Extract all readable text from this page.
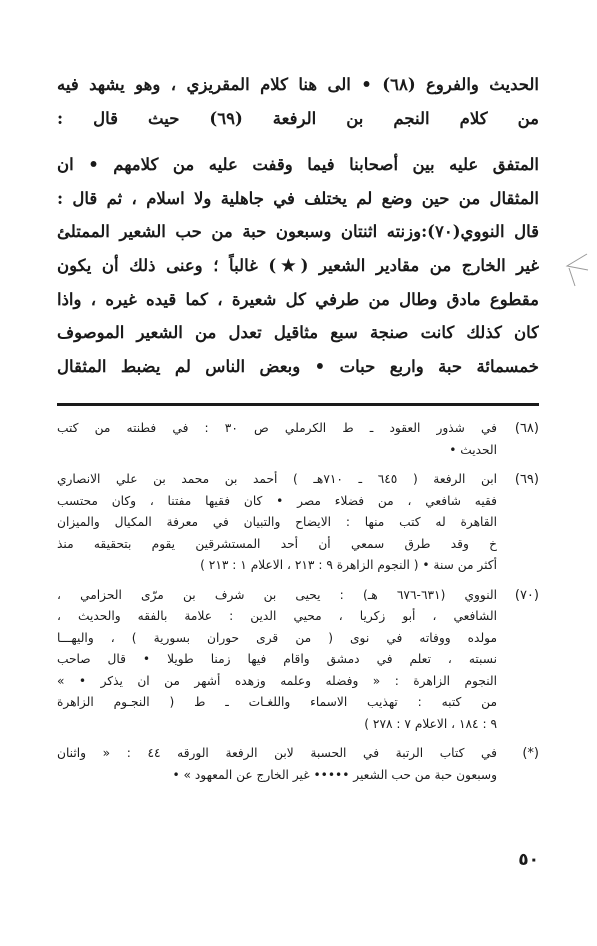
الحديث والفروع (٦٨) • الى هنا كلام المقريزي ، وهو يشهد فيه
من كلام النجم بن الرفعة (٦٩) حيث قال :
المتفق عليه بين أصحابنا فيما وقفت عليه من كلامهم • ان
المثقال من حين وضع لم يختلف في جاهلية ولا اسلام ، ثم قال :
قال النووي(٧٠):وزنته اثنتان وسبعون حبة من حب الشعير الممتلئ
غير الخارج من مقادير الشعير (★) غالباً ؛ وعنى ذلك أن يكون
مقطوع مادق وطال من طرفي كل شعيرة ، كما قيده غيره ، واذا
كان كذلك كانت صنجة سبع مثاقيل تعدل من الشعير الموصوف
خمسمائة حبة واربع حبات • وبعض الناس لم يضبط المثقال
(٦٨)
في شذور العقود ـ ط الكرملي ص ٣٠ : في فطنته من كتب
الحديث •
(٦٩)
ابن الرفعة ( ٦٤٥ ـ ٧١٠هـ ) أحمد بن محمد بن علي الانصاري
فقيه شافعي ، من فضلاء مصر • كان فقيها مفتنا ، وكان محتسب
القاهرة له كتب منها : الايضاح والتبيان في معرفة المكيال والميزان
خ وقد طرق سمعي أن أحد المستشرقين يقوم بتحقيقه منذ
أكثر من سنة • ( النجوم الزاهرة ٩ : ٢١٣ ، الاعلام ١ : ٢١٣ )
(٧٠)
النووي (٦٣١-٦٧٦ هـ) : يحيى بن شرف بن مرّى الحزامي ،
الشافعي ، أبو زكريا ، محيي الدين : علامة بالفقه والحديث ،
مولده ووفاته في نوى ( من قرى حوران بسورية ) ، واليهـــا
نسبته ، تعلم في دمشق واقام فيها زمنا طويلا • قال صاحب
النجوم الزاهرة : « وفضله وعلمه وزهده أشهر من ان يذكر • »
من كتبه : تهذيب الاسماء واللغـات ـ ط ( النجـوم الزاهرة
٩ : ١٨٤ ، الاعلام ٧ : ٢٧٨ )
(*)
في كتاب الرتبة في الحسبة لابن الرفعة الورقه ٤٤ : « واثنان
وسبعون حبة من حب الشعير ••••• غير الخارج عن المعهود » •
٥٠
